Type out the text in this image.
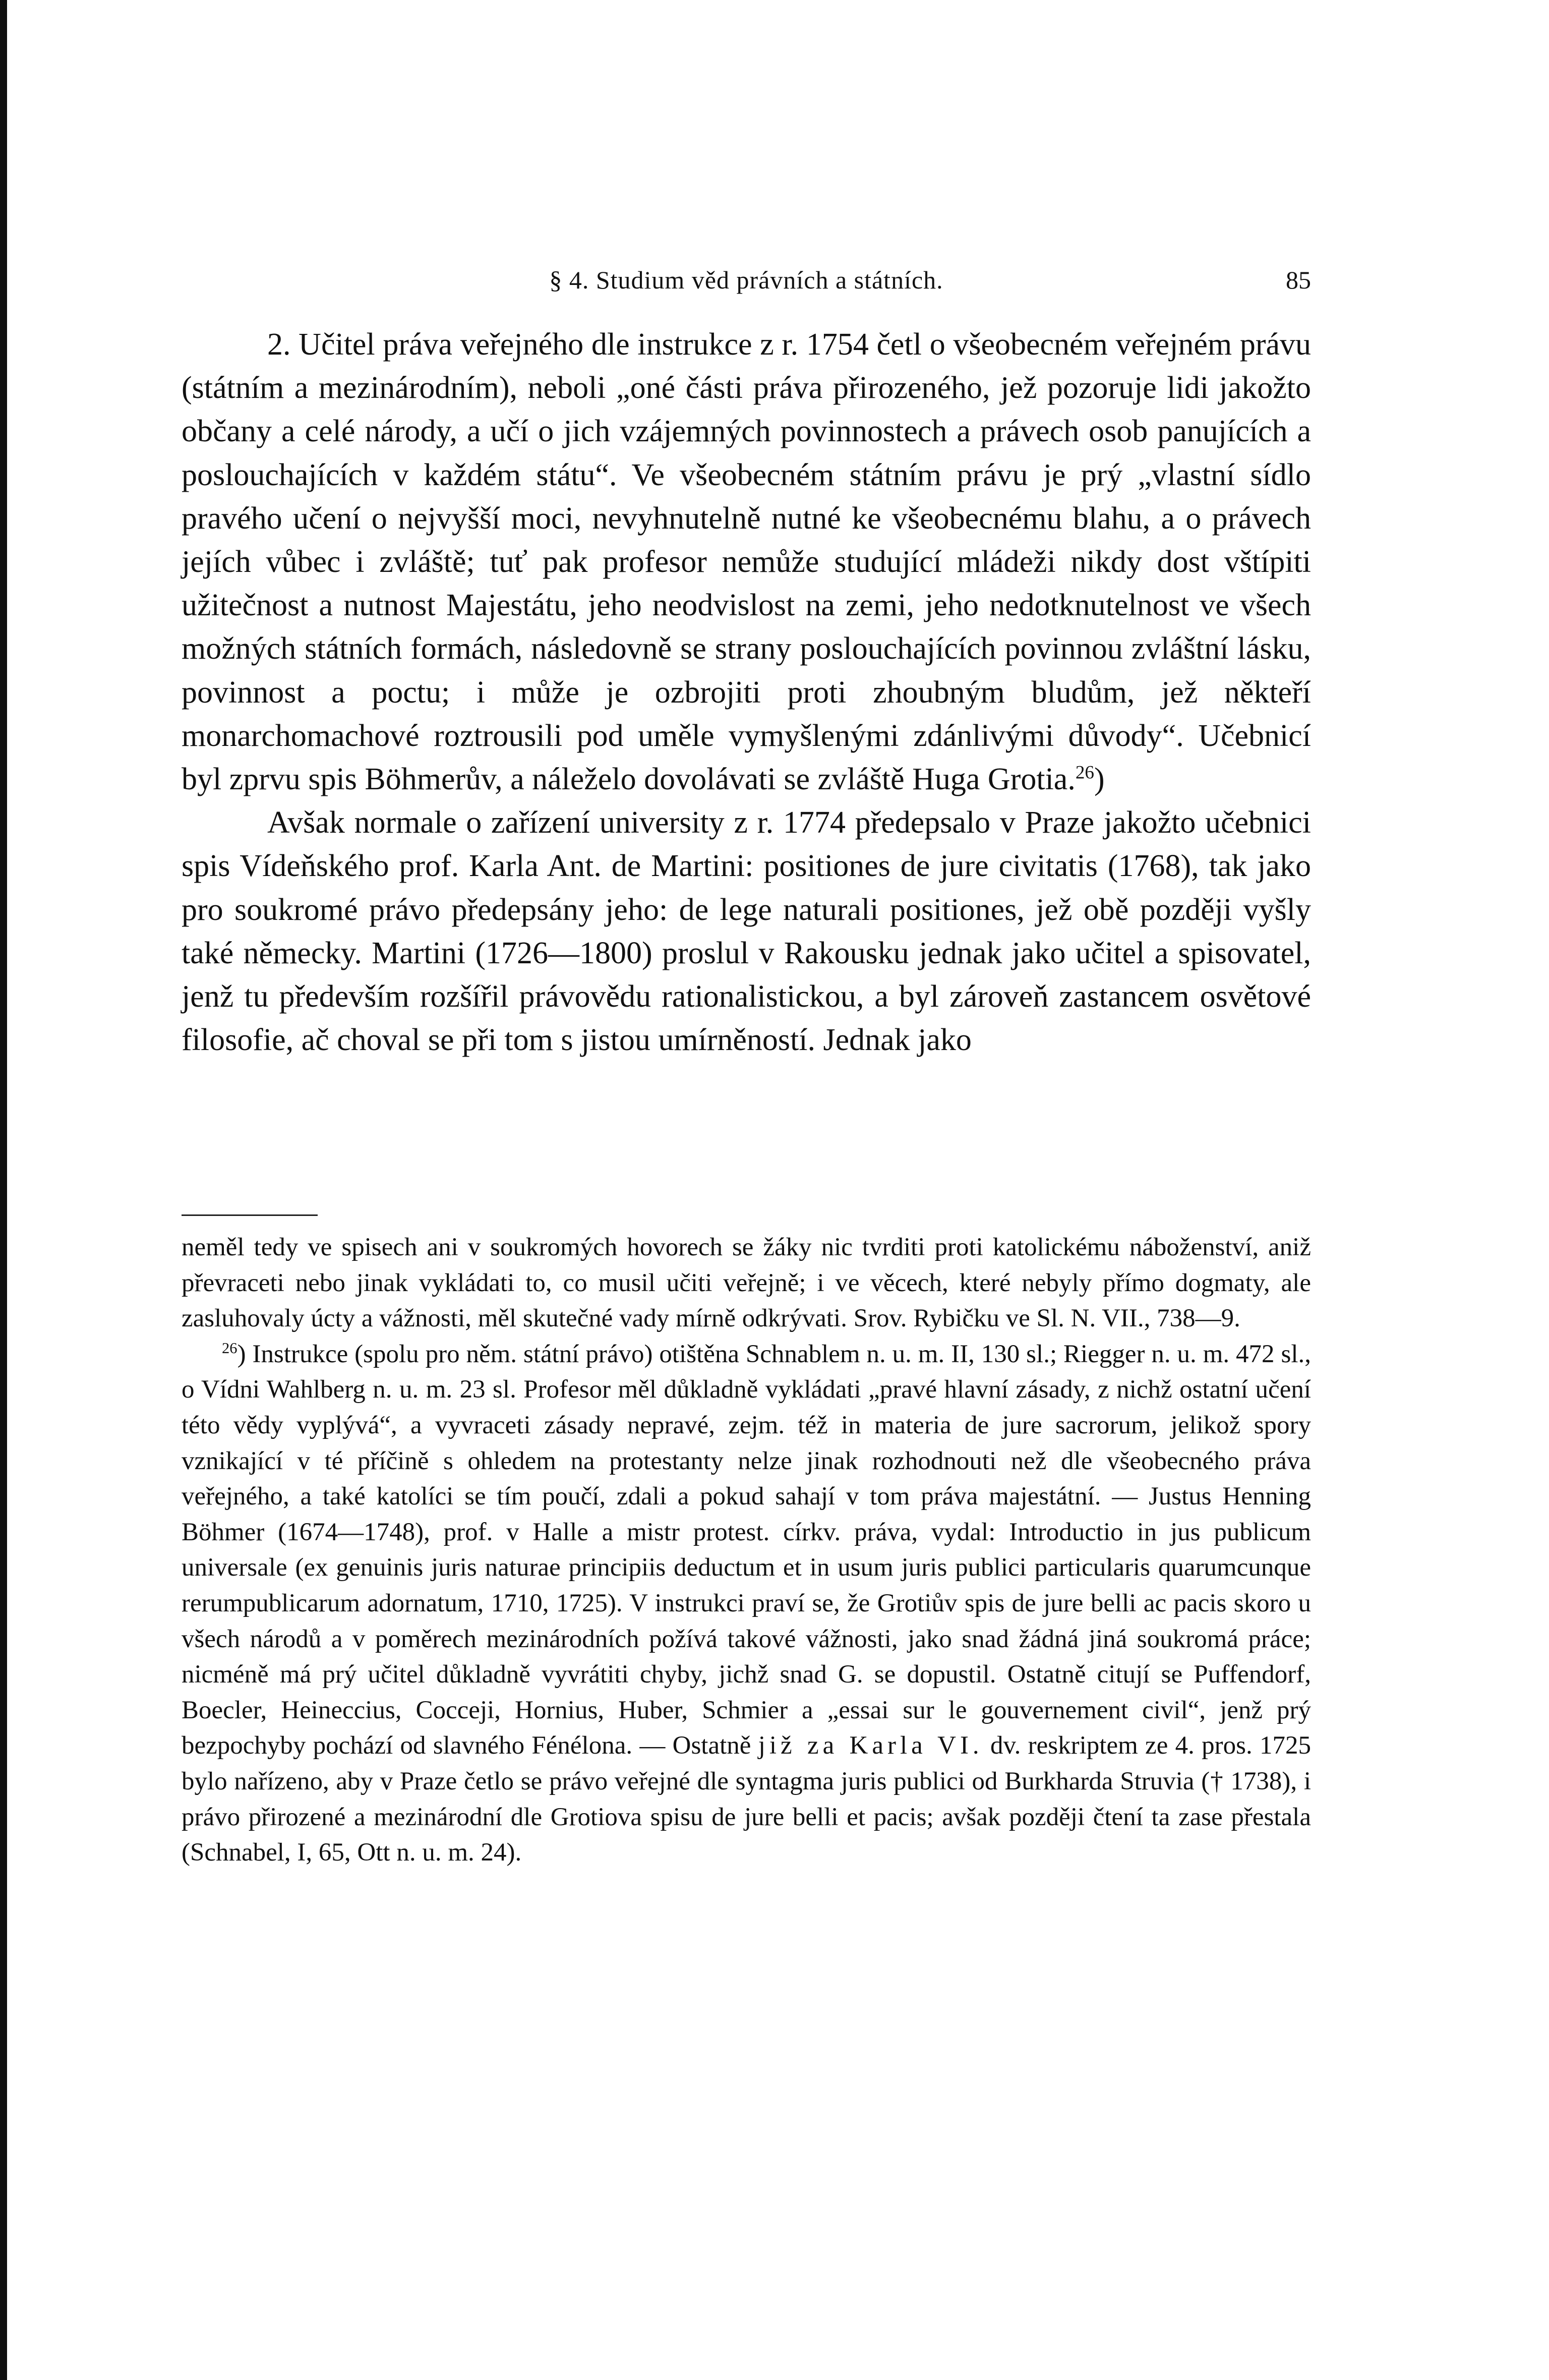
§ 4. Studium věd právních a státních.	85

2. Učitel práva veřejného dle instrukce z r. 1754 četl o všeobecném veřejném právu (státním a mezinárodním), neboli „oné části práva přirozeného, jež pozoruje lidi jakožto občany a celé národy, a učí o jich vzájemných povinnostech a právech osob panujících a poslouchajících v každém státu“. Ve všeobecném státním právu je prý „vlastní sídlo pravého učení o nejvyšší moci, nevyhnutelně nutné ke všeobecnému blahu, a o právech jejích vůbec i zvláště; tuť pak profesor nemůže studující mládeži nikdy dost vštípiti užitečnost a nutnost Majestátu, jeho neodvislost na zemi, jeho nedotknutelnost ve všech možných státních formách, následovně se strany poslouchajících povinnou zvláštní lásku, povinnost a poctu; i může je ozbrojiti proti zhoubným bludům, jež někteří monarchomachové roztrousili pod uměle vymyšlenými zdánlivými důvody“. Učebnicí byl zprvu spis Böhmerův, a náleželo dovolávati se zvláště Huga Grotia.$^{26}$)

Avšak normale o zařízení university z r. 1774 předepsalo v Praze jakožto učebnici spis Vídeňského prof. Karla Ant. de Martini: positiones de jure civitatis (1768), tak jako pro soukromé právo předepsány jeho: de lege naturali positiones, jež obě později vyšly také německy. Martini (1726—1800) proslul v Rakousku jednak jako učitel a spisovatel, jenž tu především rozšířil právovědu rationalistickou, a byl zároveň zastancem osvětové filosofie, ač choval se při tom s jistou umírněností. Jednak jako

neměl tedy ve spisech ani v soukromých hovorech se žáky nic tvrditi proti katolickému náboženství, aniž převraceti nebo jinak vykládati to, co musil učiti veřejně; i ve věcech, které nebyly přímo dogmaty, ale zasluhovaly úcty a vážnosti, měl skutečné vady mírně odkrývati. Srov. Rybičku ve Sl. N. VII., 738—9.

$^{26}$) Instrukce (spolu pro něm. státní právo) otištěna Schnablem n. u. m. II, 130 sl.; Riegger n. u. m. 472 sl., o Vídni Wahlberg n. u. m. 23 sl. Profesor měl důkladně vykládati „pravé hlavní zásady, z nichž ostatní učení této vědy vyplývá“, a vyvraceti zásady nepravé, zejm. též in materia de jure sacrorum, jelikož spory vznikající v té příčině s ohledem na protestanty nelze jinak rozhodnouti než dle všeobecného práva veřejného, a také katolíci se tím poučí, zdali a pokud sahají v tom práva majestátní. — Justus Henning Böhmer (1674—1748), prof. v Halle a mistr protest. církv. práva, vydal: Introductio in jus publicum universale (ex genuinis juris naturae principiis deductum et in usum juris publici particularis quarumcunque rerumpublicarum adornatum, 1710, 1725). V instrukci praví se, že Grotiův spis de jure belli ac pacis skoro u všech národů a v poměrech mezinárodních požívá takové vážnosti, jako snad žádná jiná soukromá práce; nicméně má prý učitel důkladně vyvrátiti chyby, jichž snad G. se dopustil. Ostatně citují se Puffendorf, Boecler, Heineccius, Cocceji, Hornius, Huber, Schmier a „essai sur le gouvernement civil“, jenž prý bezpochyby pochází od slavného Fénélona. — Ostatně již za Karla VI. dv. reskriptem ze 4. pros. 1725 bylo nařízeno, aby v Praze četlo se právo veřejné dle syntagma juris publici od Burkharda Struvia († 1738), i právo přirozené a mezinárodní dle Grotiova spisu de jure belli et pacis; avšak později čtení ta zase přestala (Schnabel, I, 65, Ott n. u. m. 24).
